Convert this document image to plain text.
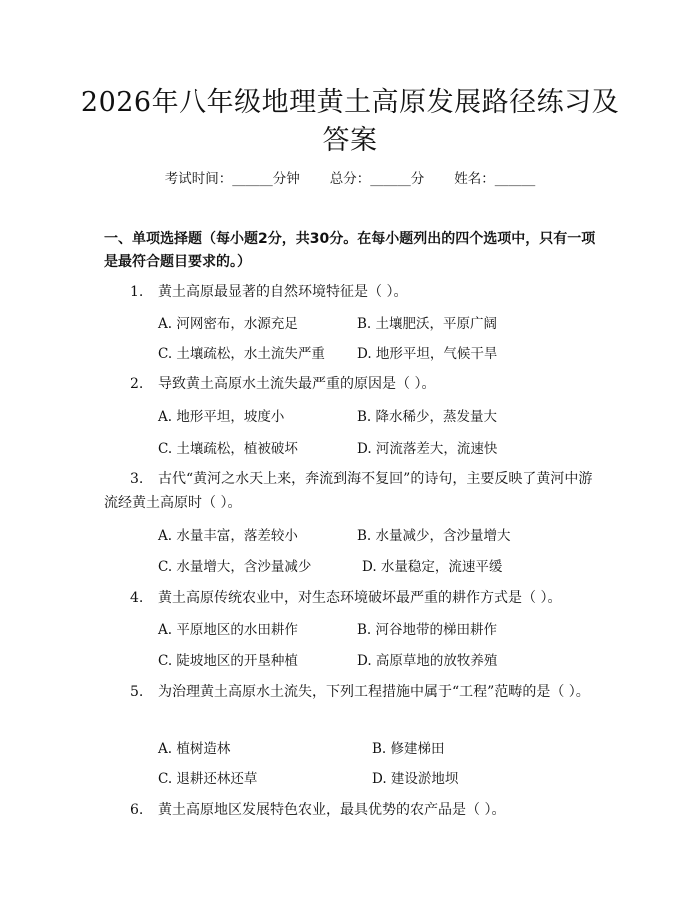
2026年八年级地理黄土高原发展路径练习及答案
考试时间：______分钟 总分：______分 姓名：______
一、单项选择题（每小题2分，共30分。在每小题列出的四个选项中，只有一项是最符合题目要求的。）
1. 黄土高原最显著的自然环境特征是（ ）。
A. 河网密布，水源充足	B. 土壤肥沃，平原广阔
C. 土壤疏松，水土流失严重 D. 地形平坦，气候干旱
2. 导致黄土高原水土流失最严重的原因是（ ）。
A. 地形平坦，坡度小	B. 降水稀少，蒸发量大
C. 土壤疏松，植被破坏	D. 河流落差大，流速快
3. 古代“黄河之水天上来，奔流到海不复回”的诗句，主要反映了黄河中游流经黄土高原时（ ）。
A. 水量丰富，落差较小	B. 水量减少，含沙量增大
C. 水量增大，含沙量减少	D. 水量稳定，流速平缓
4. 黄土高原传统农业中，对生态环境破坏最严重的耕作方式是（ ）。
A. 平原地区的水田耕作	B. 河谷地带的梯田耕作
C. 陡坡地区的开垦种植	D. 高原草地的放牧养殖
5. 为治理黄土高原水土流失，下列工程措施中属于“工程”范畴的是（ ）。
A. 植树造林	B. 修建梯田
C. 退耕还林还草	D. 建设淤地坝
6. 黄土高原地区发展特色农业，最具优势的农产品是（ ）。
